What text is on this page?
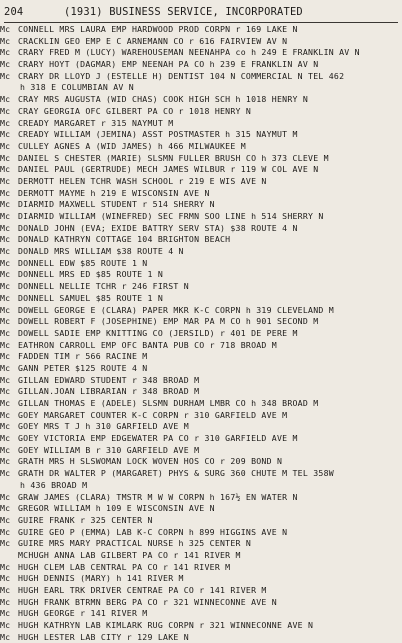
204	(1931) BUSINESS SERVICE, INCORPORATED
Mc CONNELL MRS LAURA EMP HARDWOOD PROD CORPN r 169 LAKE N
Mc CRACKLIN GEO EMP E C ARNEMANN CO r 616 FAIRVIEW AV N
Mc CRARY FRED M (LUCY) WAREHOUSEMAN NEENAHPA co h 249 E FRANKLIN AV N
Mc CRARY HOYT (DAGMAR) EMP NEENAH PA CO h 239 E FRANKLIN AV N
Mc CRARY DR LLOYD J (ESTELLE H) DENTIST 104 N COMMERCIAL N TEL 462
h 318 E COLUMBIAN AV N
Mc CRAY MRS AUGUSTA (WID CHAS) COOK HIGH SCH h 1018 HENRY N
Mc CRAY GEORGIA OFC GILBERT PA CO r 1018 HENRY N
Mc CREADY MARGARET r 315 NAYMUT M
Mc CREADY WILLIAM (JEMINA) ASST POSTMASTER h 315 NAYMUT M
Mc CULLEY AGNES A (WID JAMES) h 466 MILWAUKEE M
Mc DANIEL S CHESTER (MARIE) SLSMN FULLER BRUSH CO h 373 CLEVE M
Mc DANIEL PAUL (GERTRUDE) MECH JAMES WILBUR r 119 W COL AVE N
Mc DERMOTT HELEN TCHR WASH SCHOOL r 219 E WIS AVE N
Mc DERMOTT MAYME h 219 E WISCONSIN AVE N
Mc DIARMID MAXWELL STUDENT r 514 SHERRY N
Mc DIARMID WILLIAM (WINEFRED) SEC FRMN SOO LINE h 514 SHERRY N
Mc DONALD JOHN (EVA; EXIDE BATTRY SERV STA) $38 ROUTE 4 N
Mc DONALD KATHRYN COTTAGE 104 BRIGHTON BEACH
Mc DONALD MRS WILLIAM $38 ROUTE 4 N
Mc DONNELL EDW $85 ROUTE 1 N
Mc DONNELL MRS ED $85 ROUTE 1 N
Mc DONNELL NELLIE TCHR r 246 FIRST N
Mc DONNELL SAMUEL $85 ROUTE 1 N
Mc DOWELL GEORGE E (CLARA) PAPER MKR K-C CORPN h 319 CLEVELAND M
Mc DOWELL ROBERT F (JOSEPHINE) EMP MAR PA M CO h 901 SECOND M
Mc DOWELL SADIE EMP KNITTING CO (JERSILD) r 401 DE PERE M
Mc EATHRON CARROLL EMP OFC BANTA PUB CO r 718 BROAD M
Mc FADDEN TIM r 566 RACINE M
Mc GANN PETER $125 ROUTE 4 N
Mc GILLAN EDWARD STUDENT r 348 BROAD M
Mc GILLAN.JOAN LIBRARIAN r 348 BROAD M
Mc GILLAN THOMAS E (ADELE) SLSMN DURHAM LMBR CO h 348 BROAD M
Mc GOEY MARGARET COUNTER K-C CORPN r 310 GARFIELD AVE M
Mc GOEY MRS T J h 310 GARFIELD AVE M
Mc GOEY VICTORIA EMP EDGEWATER PA CO r 310 GARFIELD AVE M
Mc GOEY WILLIAM B r 310 GARFIELD AVE M
Mc GRATH MRS H SLSWOMAN LOCK WOVEN HOS CO r 209 BOND N
Mc GRATH DR WALTER P (MARGARET) PHYS & SURG 360 CHUTE M TEL 358W
h 436 BROAD M
Mc GRAW JAMES (CLARA) TMSTR M W W CORPN h 167½ EN WATER N
Mc GREGOR WILLIAM h 109 E WISCONSIN AVE N
Mc GUIRE FRANK r 325 CENTER N
Mc GUIRE GEO P (EMMA) LAB K-C CORPN h 899 HIGGINS AVE N
Mc GUIRE MRS MARY PRACTICAL NURSE h 325 CENTER N
MCHUGH ANNA LAB GILBERT PA CO r 141 RIVER M
Mc HUGH CLEM LAB CENTRAL PA CO r 141 RIVER M
Mc HUGH DENNIS (MARY) h 141 RIVER M
Mc HUGH EARL TRK DRIVER CENTRAE PA CO r 141 RIVER M
Mc HUGH FRANK BTRMN BERG PA CO r 321 WINNECONNE AVE N
Mc HUGH GEORGE r 141 RIVER M
Mc HUGH KATHRYN LAB KIMLARK RUG CORPN r 321 WINNECONNE AVE N
Mc HUGH LESTER LAB CITY r 129 LAKE N
